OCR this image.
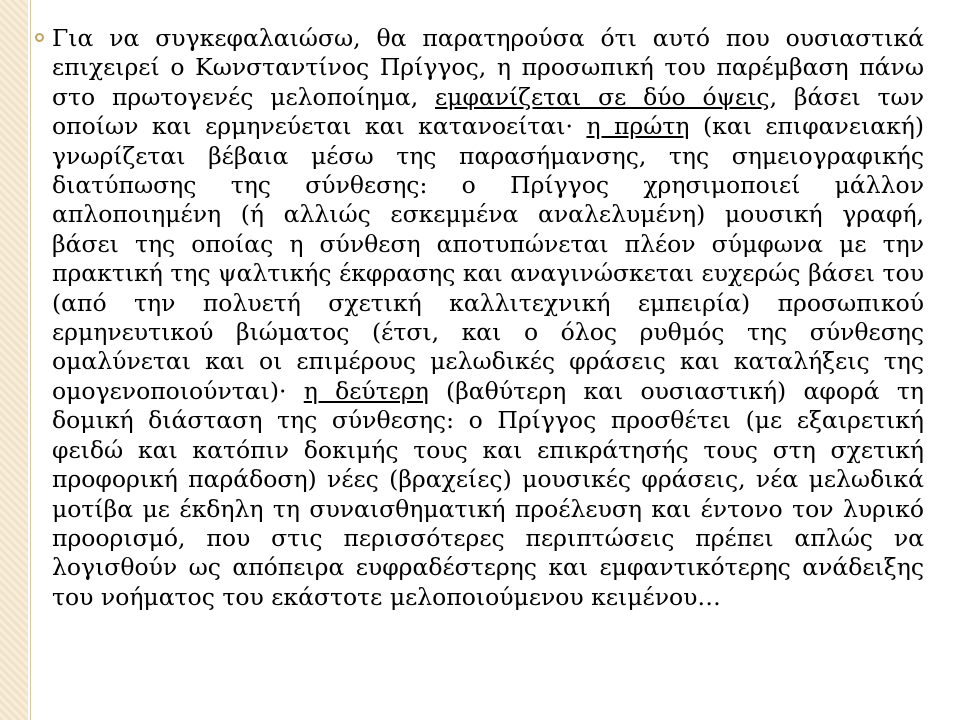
Για να συγκεφαλαιώσω, θα παρατηρούσα ότι αυτό που ουσιαστικά επιχειρεί ο Κωνσταντίνος Πρίγγος, η προσωπική του παρέμβαση πάνω στο πρωτογενές μελοποίημα, εμφανίζεται σε δύο όψεις, βάσει των οποίων και ερμηνεύεται και κατανοείται· η πρώτη (και επιφανειακή) γνωρίζεται βέβαια μέσω της παρασήμανσης, της σημειογραφικής διατύπωσης της σύνθεσης: ο Πρίγγος χρησιμοποιεί μάλλον απλοποιημένη (ή αλλιώς εσκεμμένα αναλελυμένη) μουσική γραφή, βάσει της οποίας η σύνθεση αποτυπώνεται πλέον σύμφωνα με την πρακτική της ψαλτικής έκφρασης και αναγινώσκεται ευχερώς βάσει του (από την πολυετή σχετική καλλιτεχνική εμπειρία) προσωπικού ερμηνευτικού βιώματος (έτσι, και ο όλος ρυθμός της σύνθεσης ομαλύνεται και οι επιμέρους μελωδικές φράσεις και καταλήξεις της ομογενοποιούνται)· η δεύτερη (βαθύτερη και ουσιαστική) αφορά τη δομική διάσταση της σύνθεσης: ο Πρίγγος προσθέτει (με εξαιρετική φειδώ και κατόπιν δοκιμής τους και επικράτησής τους στη σχετική προφορική παράδοση) νέες (βραχείες) μουσικές φράσεις, νέα μελωδικά μοτίβα με έκδηλη τη συναισθηματική προέλευση και έντονο τον λυρικό προορισμό, που στις περισσότερες περιπτώσεις πρέπει απλώς να λογισθούν ως απόπειρα ευφραδέστερης και εμφαντικότερης ανάδειξης του νοήματος του εκάστοτε μελοποιούμενου κειμένου…
